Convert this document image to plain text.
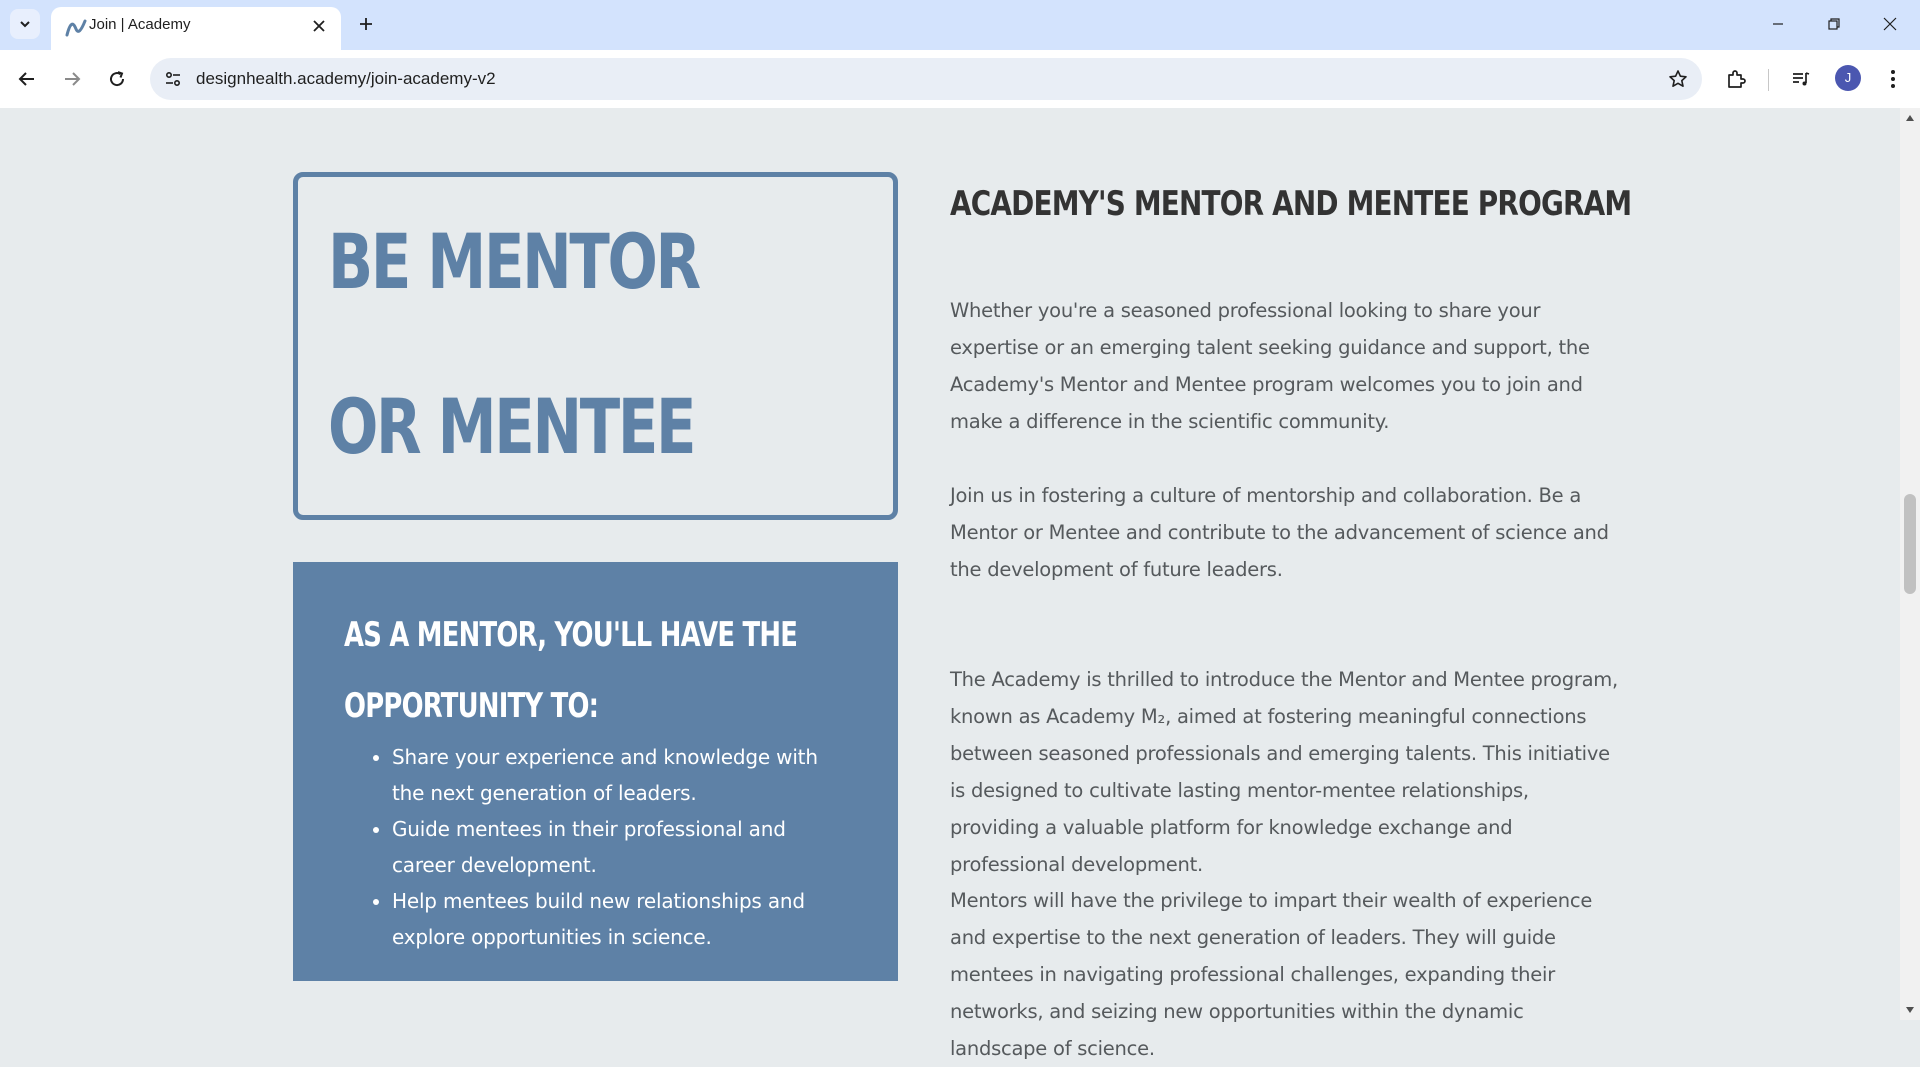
Join | Academy
designhealth.academy/join-academy-v2	J
BE MENTOR
OR MENTEE
AS A MENTOR, YOU'LL HAVE THE
OPPORTUNITY TO:
• Share your experience and knowledge with the next generation of leaders.
• Guide mentees in their professional and career development.
• Help mentees build new relationships and explore opportunities in science.
ACADEMY'S MENTOR AND MENTEE PROGRAM

Whether you're a seasoned professional looking to share your expertise or an emerging talent seeking guidance and support, the Academy's Mentor and Mentee program welcomes you to join and make a difference in the scientific community.

Join us in fostering a culture of mentorship and collaboration. Be a Mentor or Mentee and contribute to the advancement of science and the development of future leaders.

The Academy is thrilled to introduce the Mentor and Mentee program, known as Academy M₂, aimed at fostering meaningful connections between seasoned professionals and emerging talents. This initiative is designed to cultivate lasting mentor-mentee relationships, providing a valuable platform for knowledge exchange and professional development.

Mentors will have the privilege to impart their wealth of experience and expertise to the next generation of leaders. They will guide mentees in navigating professional challenges, expanding their networks, and seizing new opportunities within the dynamic landscape of science.
